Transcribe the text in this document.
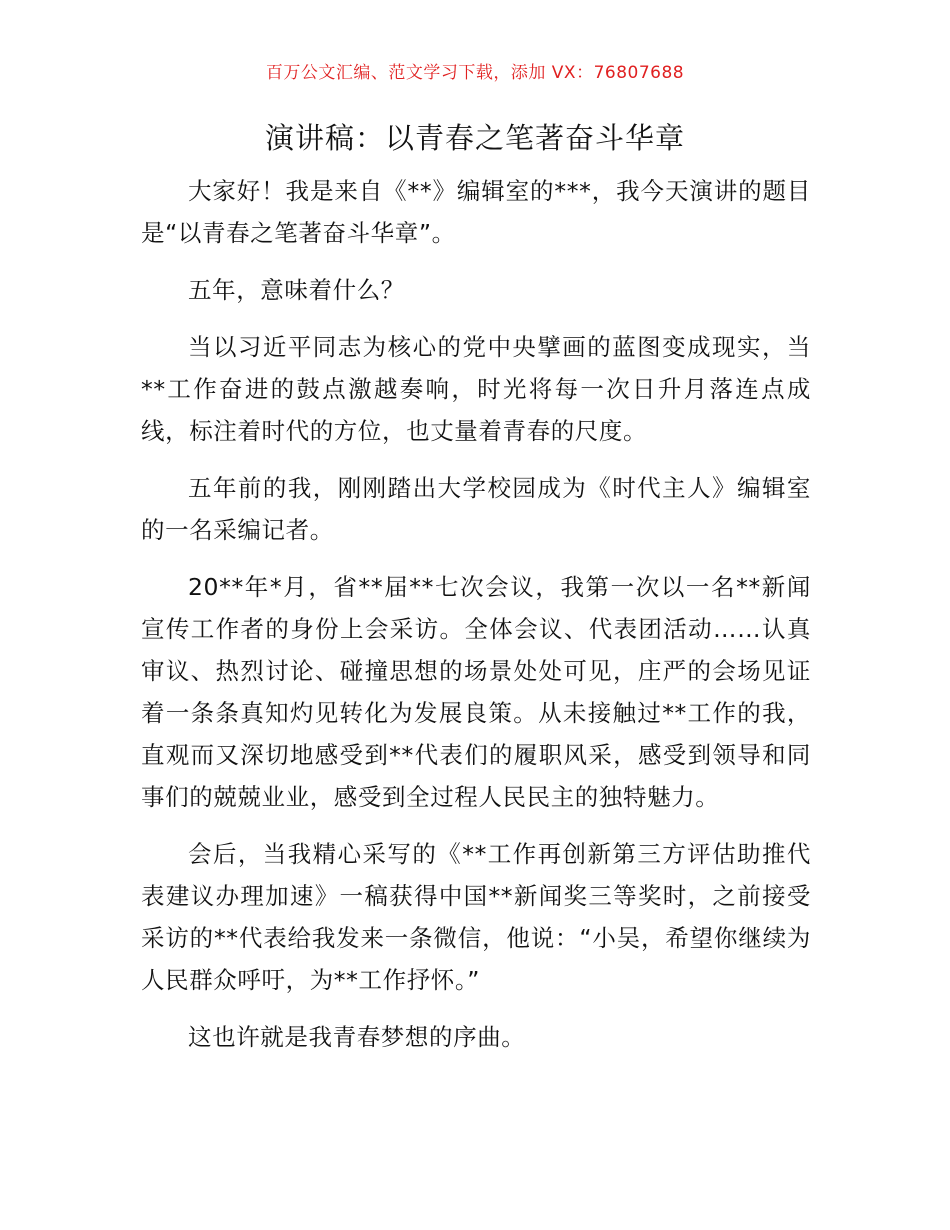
百万公文汇编、范文学习下载，添加 VX：76807688
演讲稿：以青春之笔著奋斗华章

大家好！我是来自《**》编辑室的***，我今天演讲的题目是“以青春之笔著奋斗华章”。

五年，意味着什么？

当以习近平同志为核心的党中央擘画的蓝图变成现实，当**工作奋进的鼓点激越奏响，时光将每一次日升月落连点成线，标注着时代的方位，也丈量着青春的尺度。

五年前的我，刚刚踏出大学校园成为《时代主人》编辑室的一名采编记者。

20**年*月，省**届**七次会议，我第一次以一名**新闻宣传工作者的身份上会采访。全体会议、代表团活动……认真审议、热烈讨论、碰撞思想的场景处处可见，庄严的会场见证着一条条真知灼见转化为发展良策。从未接触过**工作的我，直观而又深切地感受到**代表们的履职风采，感受到领导和同事们的兢兢业业，感受到全过程人民民主的独特魅力。

会后，当我精心采写的《**工作再创新第三方评估助推代表建议办理加速》一稿获得中国**新闻奖三等奖时，之前接受采访的**代表给我发来一条微信，他说：“小吴，希望你继续为人民群众呼吁，为**工作抒怀。”

这也许就是我青春梦想的序曲。
